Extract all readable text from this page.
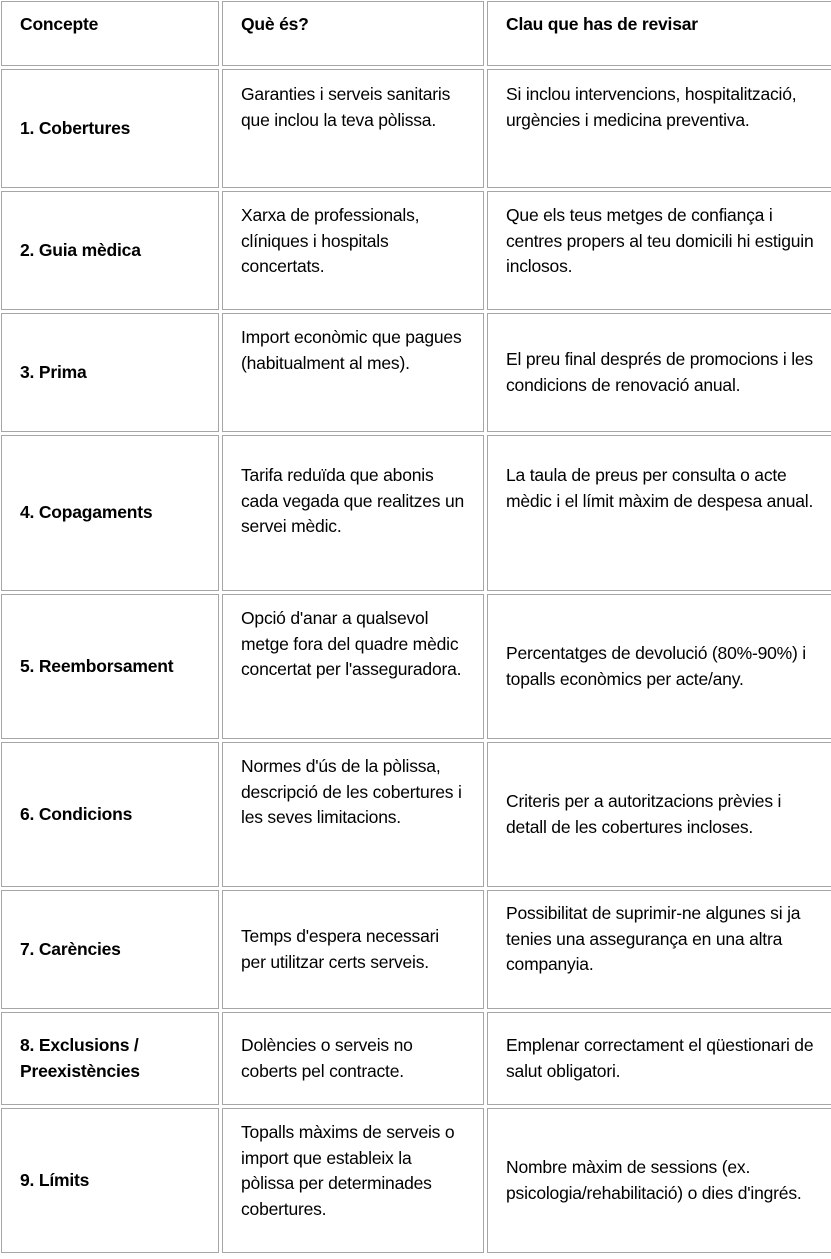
Concepte	Què és?	Clau que has de revisar
1. Cobertures	Garanties i serveis sanitaris que inclou la teva pòlissa.	Si inclou intervencions, hospitalització, urgències i medicina preventiva.
2. Guia mèdica	Xarxa de professionals, clíniques i hospitals concertats.	Que els teus metges de confiança i centres propers al teu domicili hi estiguin inclosos.
3. Prima	Import econòmic que pagues (habitualment al mes).	El preu final després de promocions i les condicions de renovació anual.
4. Copagaments	Tarifa reduïda que abonis cada vegada que realitzes un servei mèdic.	La taula de preus per consulta o acte mèdic i el límit màxim de despesa anual.
5. Reemborsament	Opció d'anar a qualsevol metge fora del quadre mèdic concertat per l'asseguradora.	Percentatges de devolució (80%-90%) i topalls econòmics per acte/any.
6. Condicions	Normes d'ús de la pòlissa, descripció de les cobertures i les seves limitacions.	Criteris per a autoritzacions prèvies i detall de les cobertures incloses.
7. Carències	Temps d'espera necessari per utilitzar certs serveis.	Possibilitat de suprimir-ne algunes si ja tenies una assegurança en una altra companyia.
8. Exclusions / Preexistències	Dolències o serveis no coberts pel contracte.	Emplenar correctament el qüestionari de salut obligatori.
9. Límits	Topalls màxims de serveis o import que estableix la pòlissa per determinades cobertures.	Nombre màxim de sessions (ex. psicologia/rehabilitació) o dies d'ingrés.
